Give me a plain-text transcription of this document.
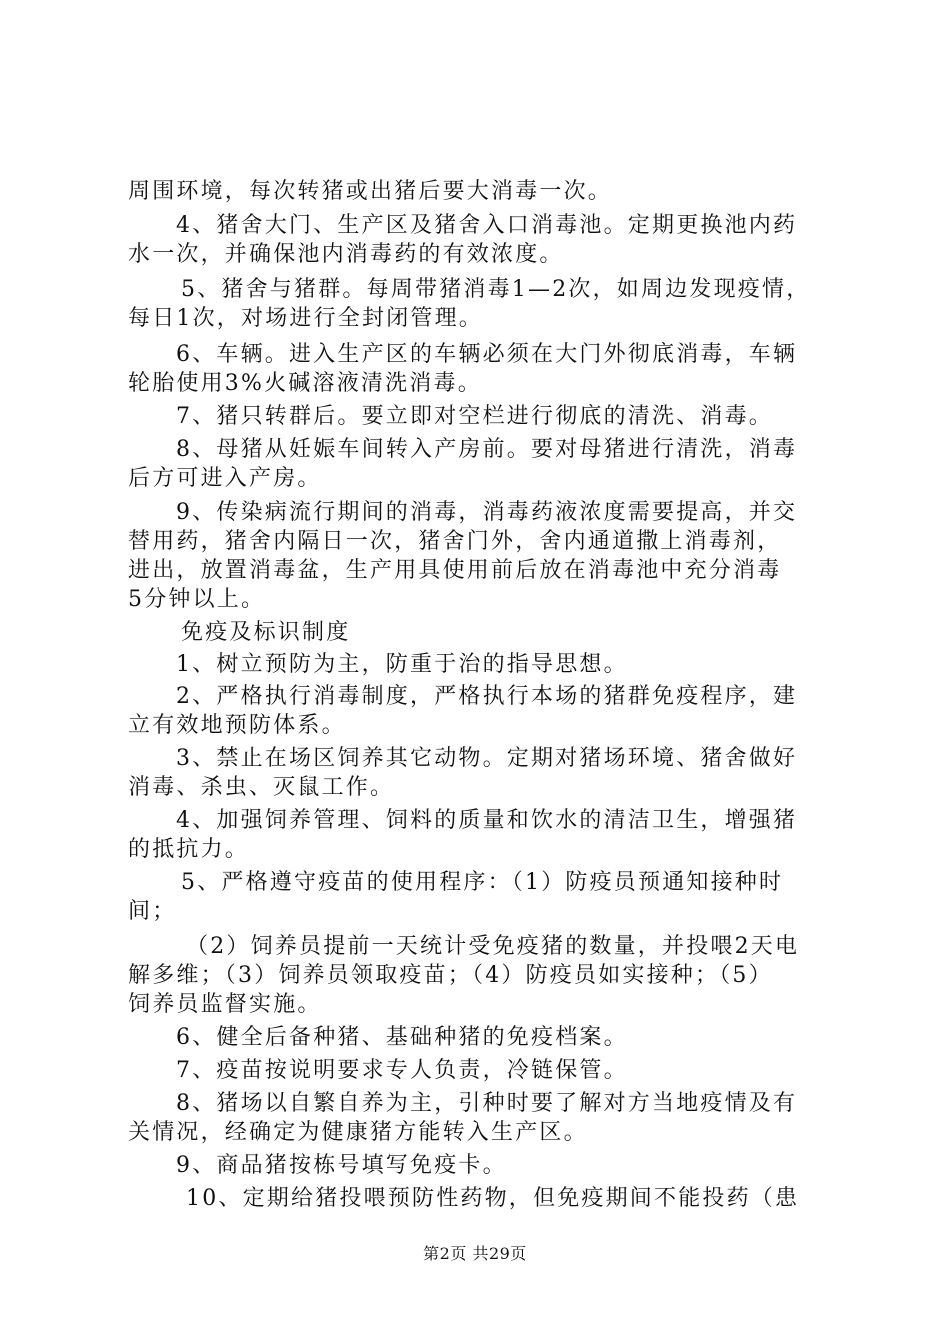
周围环境，每次转猪或出猪后要大消毒一次。
4、猪舍大门、生产区及猪舍入口消毒池。定期更换池内药
水一次，并确保池内消毒药的有效浓度。
5、猪舍与猪群。每周带猪消毒1—2次，如周边发现疫情，
每日1次，对场进行全封闭管理。
6、车辆。进入生产区的车辆必须在大门外彻底消毒，车辆
轮胎使用3%火碱溶液清洗消毒。
7、猪只转群后。要立即对空栏进行彻底的清洗、消毒。
8、母猪从妊娠车间转入产房前。要对母猪进行清洗，消毒
后方可进入产房。
9、传染病流行期间的消毒，消毒药液浓度需要提高，并交
替用药，猪舍内隔日一次，猪舍门外，舍内通道撒上消毒剂，
进出，放置消毒盆，生产用具使用前后放在消毒池中充分消毒
5分钟以上。
免疫及标识制度
1、树立预防为主，防重于治的指导思想。
2、严格执行消毒制度，严格执行本场的猪群免疫程序，建
立有效地预防体系。
3、禁止在场区饲养其它动物。定期对猪场环境、猪舍做好
消毒、杀虫、灭鼠工作。
4、加强饲养管理、饲料的质量和饮水的清洁卫生，增强猪
的抵抗力。
5、严格遵守疫苗的使用程序：（1）防疫员预通知接种时
间；
（2）饲养员提前一天统计受免疫猪的数量，并投喂2天电
解多维；（3）饲养员领取疫苗；（4）防疫员如实接种；（5）
饲养员监督实施。
6、健全后备种猪、基础种猪的免疫档案。
7、疫苗按说明要求专人负责，冷链保管。
8、猪场以自繁自养为主，引种时要了解对方当地疫情及有
关情况，经确定为健康猪方能转入生产区。
9、商品猪按栋号填写免疫卡。
10、定期给猪投喂预防性药物，但免疫期间不能投药（患
第2页 共29页
